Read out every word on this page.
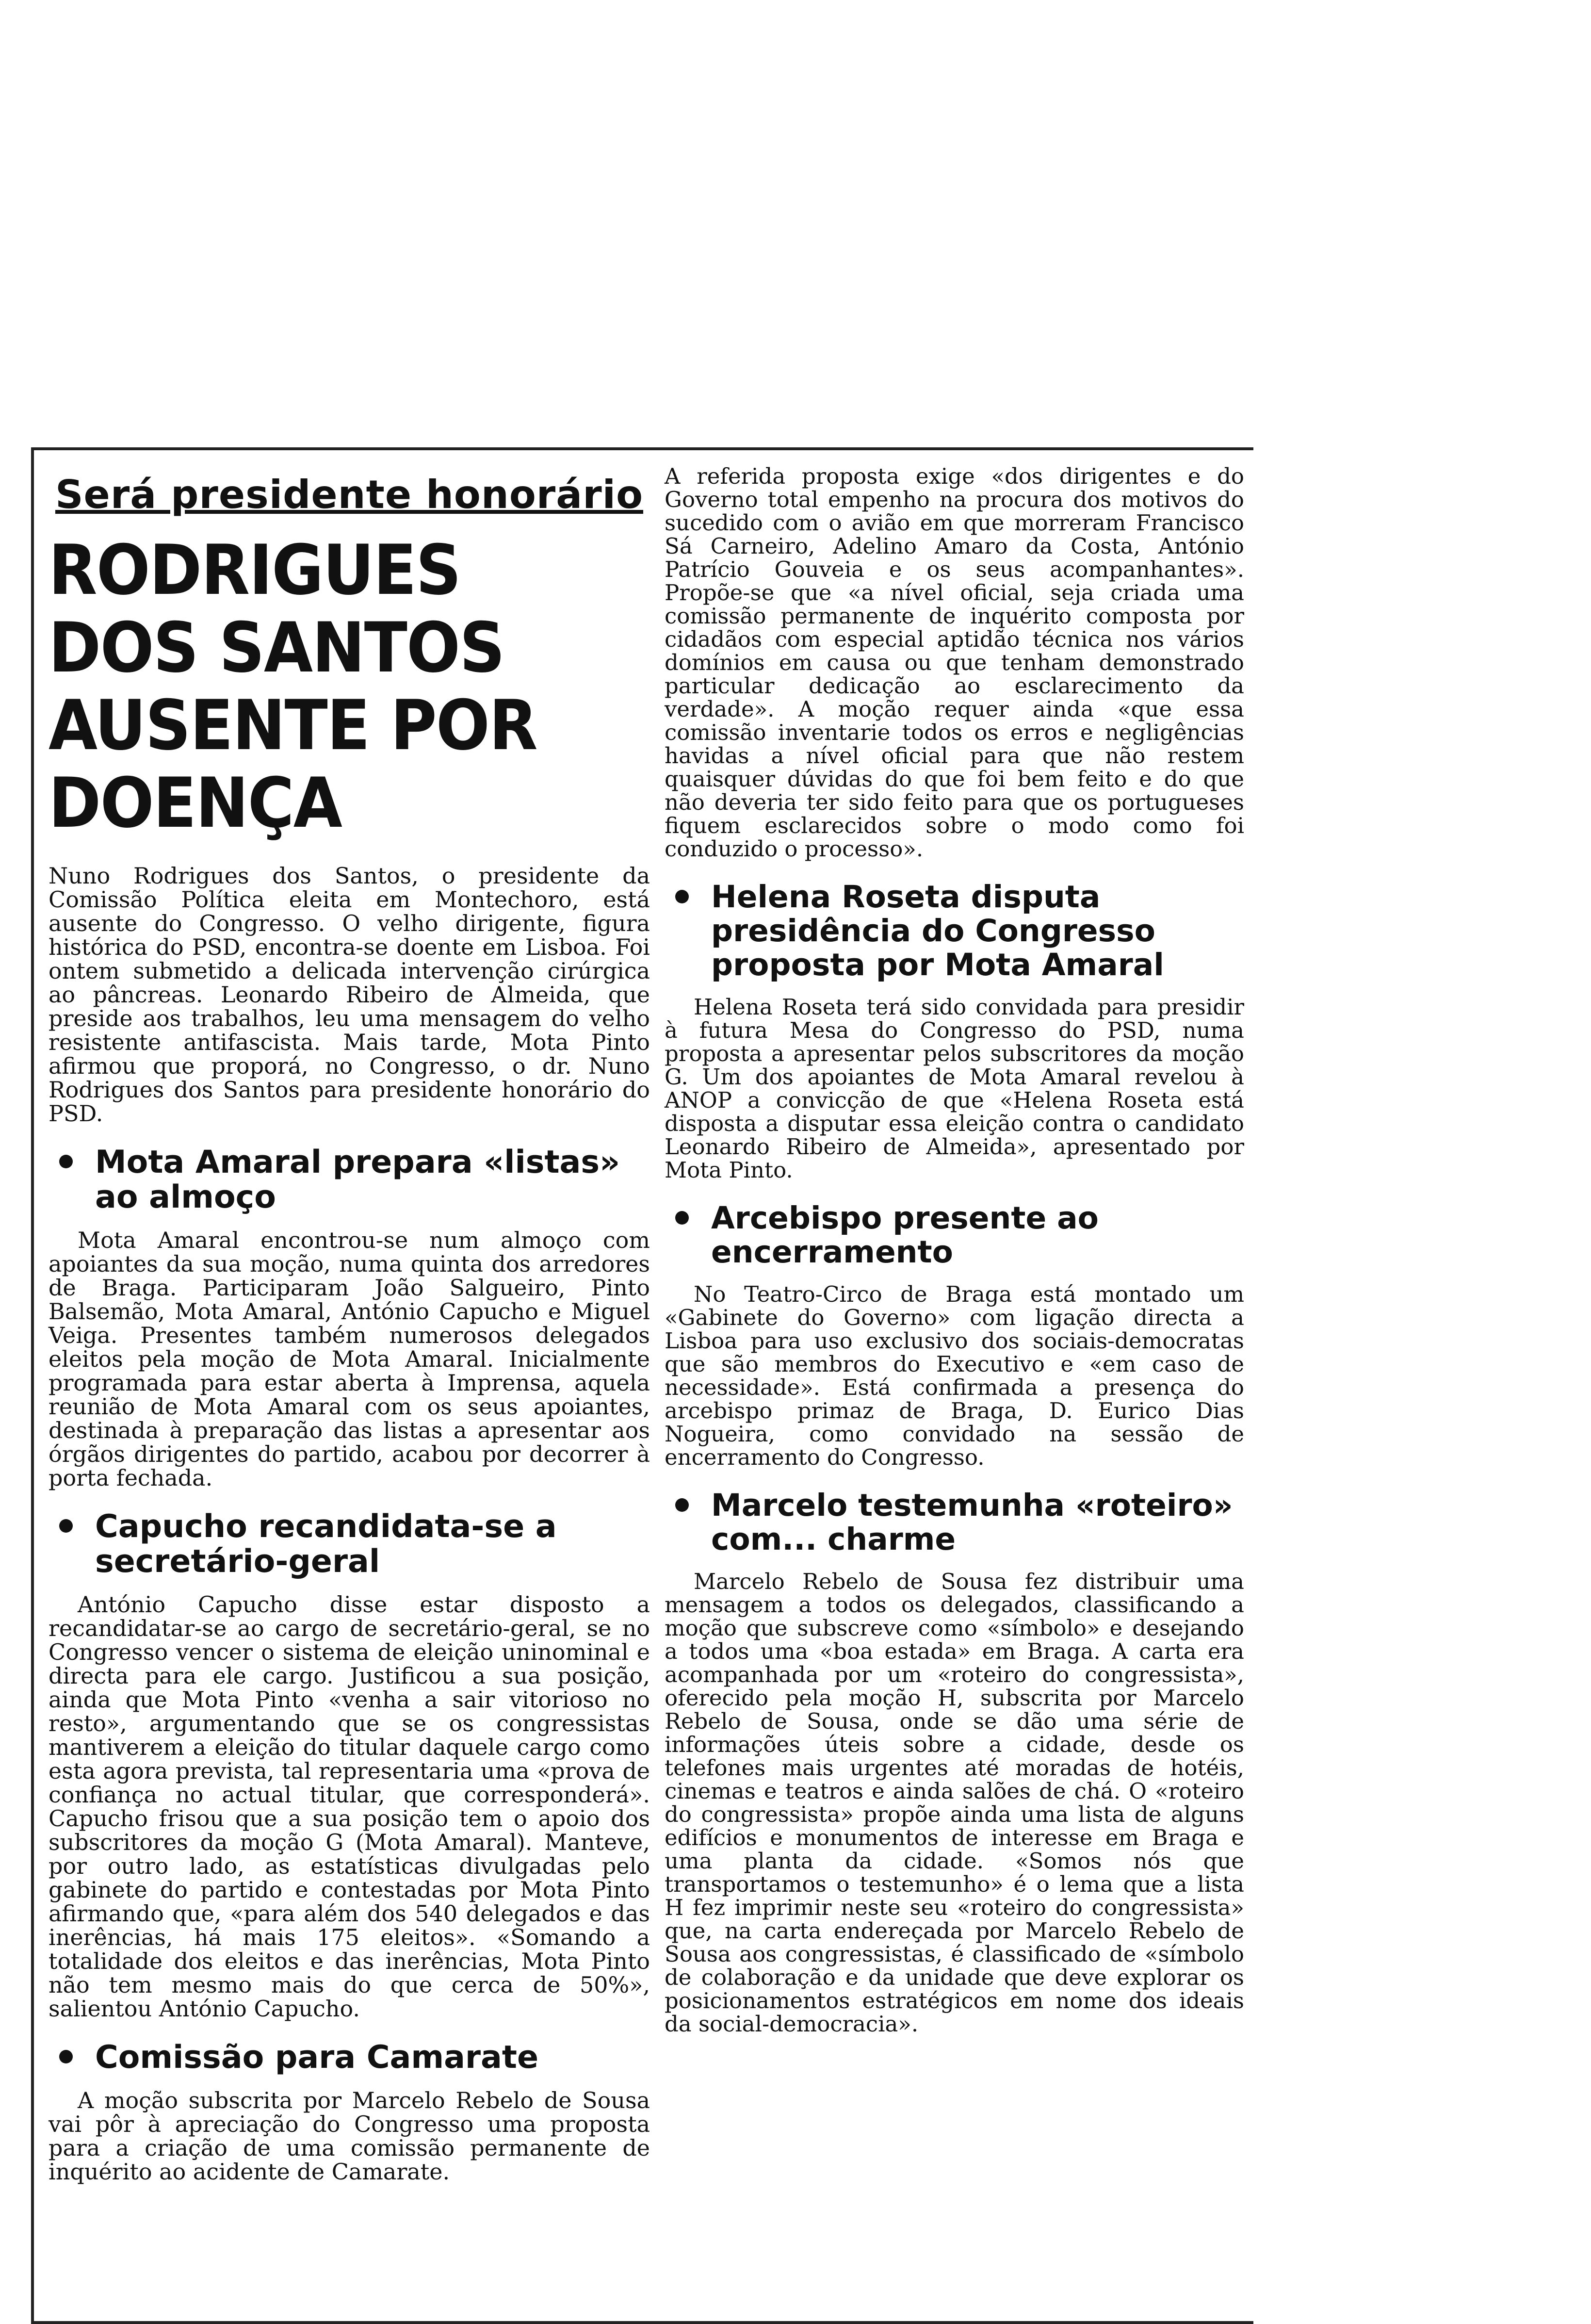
Será presidente honorário
RODRIGUES DOS SANTOS
AUSENTE POR DOENÇA

Nuno Rodrigues dos Santos, o presidente da Comissão Política eleita em Montechoro, está ausente do Congresso. O velho dirigente, figura histórica do PSD, encontra-se doente em Lisboa. Foi ontem submetido a delicada intervenção cirúrgica ao pâncreas. Leonardo Ribeiro de Almeida, que preside aos trabalhos, leu uma mensagem do velho resistente antifascista. Mais tarde, Mota Pinto afirmou que proporá, no Congresso, o dr. Nuno Rodrigues dos Santos para presidente honorário do PSD.

Mota Amaral prepara «listas» ao almoço

Mota Amaral encontrou-se num almoço com apoiantes da sua moção, numa quinta dos arredores de Braga. Participaram João Salgueiro, Pinto Balsemão, Mota Amaral, António Capucho e Miguel Veiga. Presentes também numerosos delegados eleitos pela moção de Mota Amaral. Inicialmente programada para estar aberta à Imprensa, aquela reunião de Mota Amaral com os seus apoiantes, destinada à preparação das listas a apresentar aos órgãos dirigentes do partido, acabou por decorrer à porta fechada.

Capucho recandidata-se a secretário-geral

António Capucho disse estar disposto a recandidatar-se ao cargo de secretário-geral, se no Congresso vencer o sistema de eleição uninominal e directa para ele cargo. Justificou a sua posição, ainda que Mota Pinto «venha a sair vitorioso no resto», argumentando que se os congressistas mantiverem a eleição do titular daquele cargo como esta agora prevista, tal representaria uma «prova de confiança no actual titular, que corresponderá». Capucho frisou que a sua posição tem o apoio dos subscritores da moção G (Mota Amaral). Manteve, por outro lado, as estatísticas divulgadas pelo gabinete do partido e contestadas por Mota Pinto afirmando que, «para além dos 540 delegados e das inerências, há mais 175 eleitos». «Somando a totalidade dos eleitos e das inerências, Mota Pinto não tem mesmo mais do que cerca de 50%», salientou António Capucho.

Comissão para Camarate

A moção subscrita por Marcelo Rebelo de Sousa vai pôr à apreciação do Congresso uma proposta para a criação de uma comissão permanente de inquérito ao acidente de Camarate.

A referida proposta exige «dos dirigentes e do Governo total empenho na procura dos motivos do sucedido com o avião em que morreram Francisco Sá Carneiro, Adelino Amaro da Costa, António Patrício Gouveia e os seus acompanhantes». Propõe-se que «a nível oficial, seja criada uma comissão permanente de inquérito composta por cidadãos com especial aptidão técnica nos vários domínios em causa ou que tenham demonstrado particular dedicação ao esclarecimento da verdade». A moção requer ainda «que essa comissão inventarie todos os erros e negligências havidas a nível oficial para que não restem quaisquer dúvidas do que foi bem feito e do que não deveria ter sido feito para que os portugueses fiquem esclarecidos sobre o modo como foi conduzido o processo».

Helena Roseta disputa presidência do Congresso proposta por Mota Amaral

Helena Roseta terá sido convidada para presidir à futura Mesa do Congresso do PSD, numa proposta a apresentar pelos subscritores da moção G. Um dos apoiantes de Mota Amaral revelou à ANOP a convicção de que «Helena Roseta está disposta a disputar essa eleição contra o candidato Leonardo Ribeiro de Almeida», apresentado por Mota Pinto.

Arcebispo presente ao encerramento

No Teatro-Circo de Braga está montado um «Gabinete do Governo» com ligação directa a Lisboa para uso exclusivo dos sociais-democratas que são membros do Executivo e «em caso de necessidade». Está confirmada a presença do arcebispo primaz de Braga, D. Eurico Dias Nogueira, como convidado na sessão de encerramento do Congresso.

Marcelo testemunha «roteiro» com... charme

Marcelo Rebelo de Sousa fez distribuir uma mensagem a todos os delegados, classificando a moção que subscreve como «símbolo» e desejando a todos uma «boa estada» em Braga. A carta era acompanhada por um «roteiro do congressista», oferecido pela moção H, subscrita por Marcelo Rebelo de Sousa, onde se dão uma série de informações úteis sobre a cidade, desde os telefones mais urgentes até moradas de hotéis, cinemas e teatros e ainda salões de chá. O «roteiro do congressista» propõe ainda uma lista de alguns edifícios e monumentos de interesse em Braga e uma planta da cidade. «Somos nós que transportamos o testemunho» é o lema que a lista H fez imprimir neste seu «roteiro do congressista» que, na carta endereçada por Marcelo Rebelo de Sousa aos congressistas, é classificado de «símbolo de colaboração e da unidade que deve explorar os posicionamentos estratégicos em nome dos ideais da social-democracia».
